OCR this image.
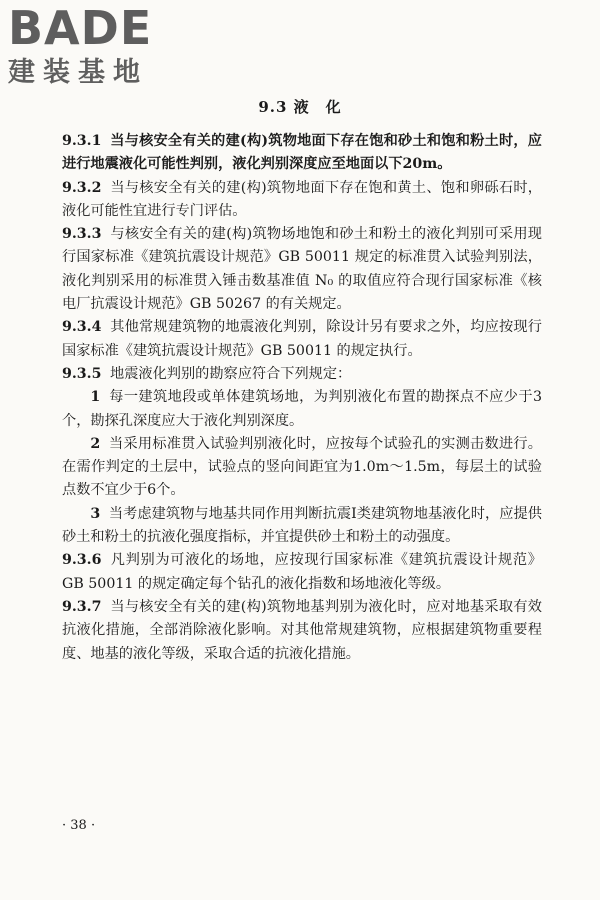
BADE
建装基地
9.3 液　化

9.3.1 当与核安全有关的建(构)筑物地面下存在饱和砂土和饱和粉土时，应进行地震液化可能性判别，液化判别深度应至地面以下20m。

9.3.2 当与核安全有关的建(构)筑物地面下存在饱和黄土、饱和卵砾石时，液化可能性宜进行专门评估。

9.3.3 与核安全有关的建(构)筑物场地饱和砂土和粉土的液化判别可采用现行国家标准《建筑抗震设计规范》GB 50011 规定的标准贯入试验判别法，液化判别采用的标准贯入锤击数基准值 N₀ 的取值应符合现行国家标准《核电厂抗震设计规范》GB 50267 的有关规定。

9.3.4 其他常规建筑物的地震液化判别，除设计另有要求之外，均应按现行国家标准《建筑抗震设计规范》GB 50011 的规定执行。

9.3.5 地震液化判别的勘察应符合下列规定：

1 每一建筑地段或单体建筑场地，为判别液化布置的勘探点不应少于3个，勘探孔深度应大于液化判别深度。

2 当采用标准贯入试验判别液化时，应按每个试验孔的实测击数进行。在需作判定的土层中，试验点的竖向间距宜为1.0m～1.5m，每层土的试验点数不宜少于6个。

3 当考虑建筑物与地基共同作用判断抗震Ⅰ类建筑物地基液化时，应提供砂土和粉土的抗液化强度指标，并宜提供砂土和粉土的动强度。

9.3.6 凡判别为可液化的场地，应按现行国家标准《建筑抗震设计规范》GB 50011 的规定确定每个钻孔的液化指数和场地液化等级。

9.3.7 当与核安全有关的建(构)筑物地基判别为液化时，应对地基采取有效抗液化措施，全部消除液化影响。对其他常规建筑物，应根据建筑物重要程度、地基的液化等级，采取合适的抗液化措施。

· 38 ·
